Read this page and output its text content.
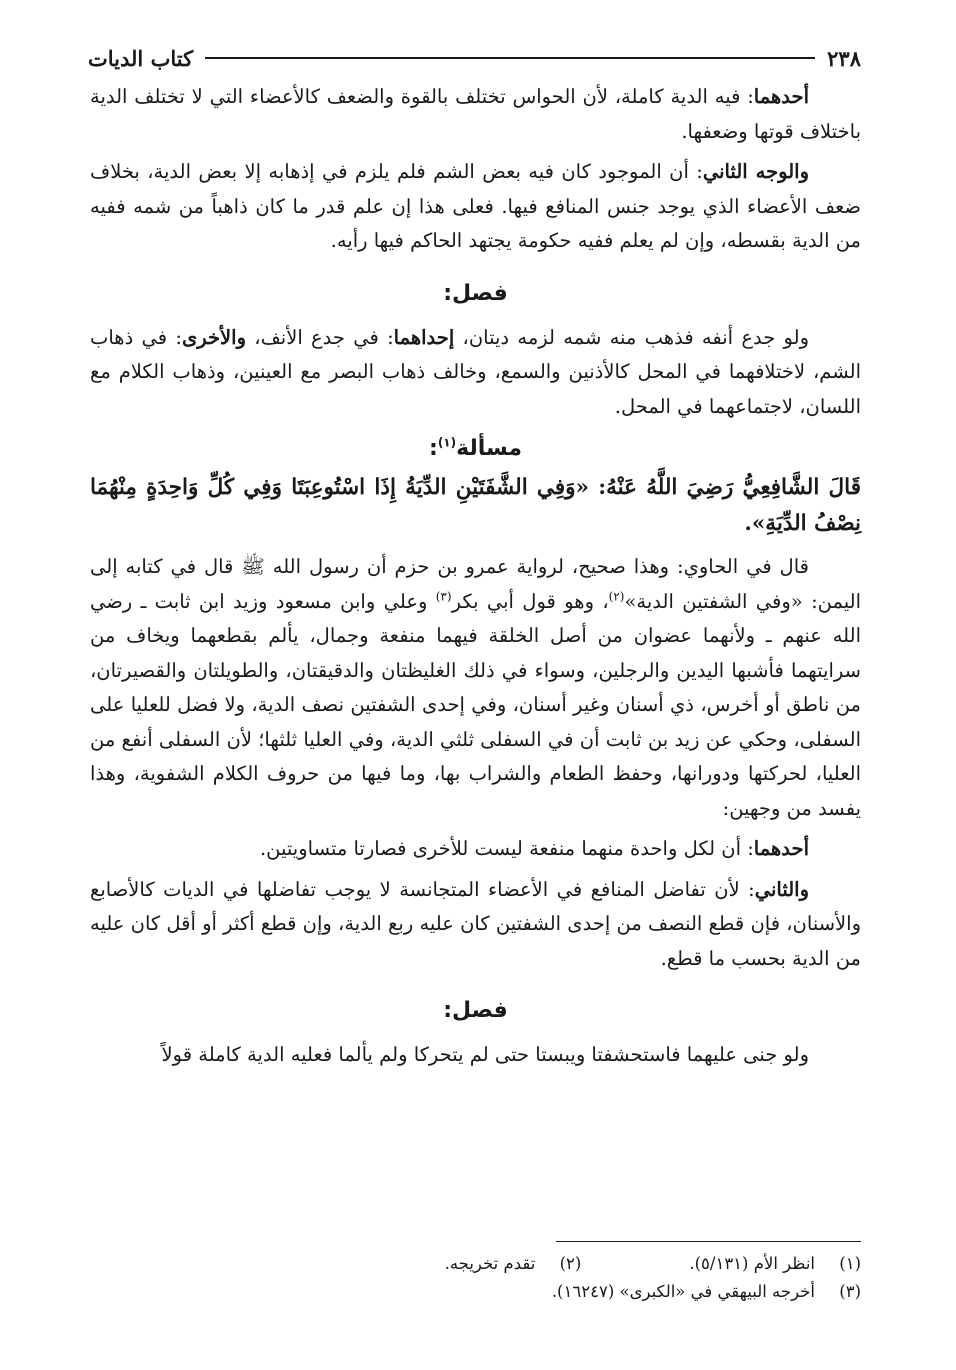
٢٣٨
كتاب الديات

أحدهما: فيه الدية كاملة، لأن الحواس تختلف بالقوة والضعف كالأعضاء التي لا تختلف الدية باختلاف قوتها وضعفها.

والوجه الثاني: أن الموجود كان فيه بعض الشم فلم يلزم في إذهابه إلا بعض الدية، بخلاف ضعف الأعضاء الذي يوجد جنس المنافع فيها. فعلى هذا إن علم قدر ما كان ذاهباً من شمه ففيه من الدية بقسطه، وإن لم يعلم ففيه حكومة يجتهد الحاكم فيها رأيه.

فصل:

ولو جدع أنفه فذهب منه شمه لزمه ديتان، إحداهما: في جدع الأنف، والأخرى: في ذهاب الشم، لاختلافهما في المحل كالأذنين والسمع، وخالف ذهاب البصر مع العينين، وذهاب الكلام مع اللسان، لاجتماعهما في المحل.

مسألة$^{(١)}$:

قَالَ الشَّافِعِيُّ رَضِيَ اللَّهُ عَنْهُ: «وَفِي الشَّفَتَيْنِ الدِّيَةُ إِذَا اسْتُوعِبَتَا وَفِي كُلِّ وَاحِدَةٍ مِنْهُمَا نِصْفُ الدِّيَةِ».

قال في الحاوي: وهذا صحيح، لرواية عمرو بن حزم أن رسول الله ﷺ قال في كتابه إلى اليمن: «وفي الشفتين الدية»$^{(٢)}$، وهو قول أبي بكر$^{(٣)}$ وعلي وابن مسعود وزيد ابن ثابت ـ رضي الله عنهم ـ ولأنهما عضوان من أصل الخلقة فيهما منفعة وجمال، يألم بقطعهما ويخاف من سرايتهما فأشبها اليدين والرجلين، وسواء في ذلك الغليظتان والدقيقتان، والطويلتان والقصيرتان، من ناطق أو أخرس، ذي أسنان وغير أسنان، وفي إحدى الشفتين نصف الدية، ولا فضل للعليا على السفلى، وحكي عن زيد بن ثابت أن في السفلى ثلثي الدية، وفي العليا ثلثها؛ لأن السفلى أنفع من العليا، لحركتها ودورانها، وحفظ الطعام والشراب بها، وما فيها من حروف الكلام الشفوية، وهذا يفسد من وجهين:

أحدهما: أن لكل واحدة منهما منفعة ليست للأخرى فصارتا متساويتين.

والثاني: لأن تفاضل المنافع في الأعضاء المتجانسة لا يوجب تفاضلها في الديات كالأصابع والأسنان، فإن قطع النصف من إحدى الشفتين كان عليه ربع الدية، وإن قطع أكثر أو أقل كان عليه من الدية بحسب ما قطع.

فصل:

ولو جنى عليهما فاستحشفتا ويبستا حتى لم يتحركا ولم يألما فعليه الدية كاملة قولاً

(١)
انظر الأم (٥/١٣١).
(٢)
تقدم تخريجه.
(٣)
أخرجه البيهقي في «الكبرى» (١٦٢٤٧).
